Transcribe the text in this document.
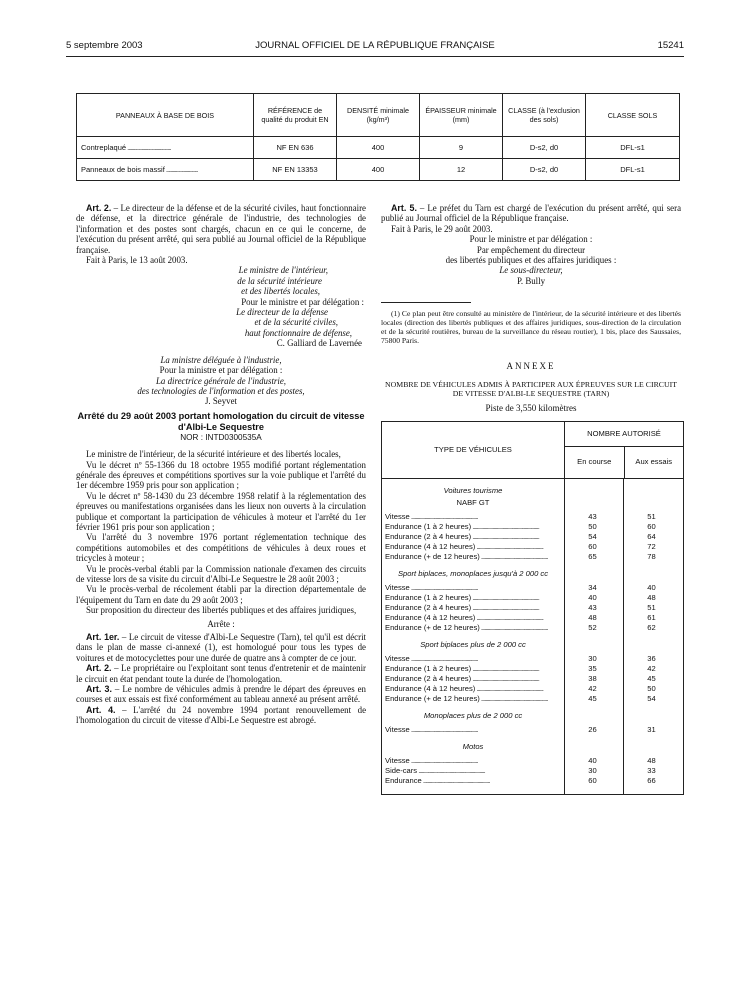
5 septembre 2003	JOURNAL OFFICIEL DE LA RÉPUBLIQUE FRANÇAISE	15241
PANNEAUX À BASE DE BOIS	RÉFÉRENCE de qualité du produit EN	DENSITÉ minimale (kg/m³)	ÉPAISSEUR minimale (mm)	CLASSE (à l'exclusion des sols)	CLASSE SOLS
Contreplaqué ........................................	NF EN 636	400	9	D-s2, d0	DFL-s1
Panneaux de bois massif .............................	NF EN 13353	400	12	D-s2, d0	DFL-s1

Art. 2. – Le directeur de la défense et de la sécurité civiles, haut fonctionnaire de défense, et la directrice générale de l'industrie, des technologies de l'information et des postes sont chargés, chacun en ce qui le concerne, de l'exécution du présent arrêté, qui sera publié au Journal officiel de la République française.

Fait à Paris, le 13 août 2003.

Le ministre de l'intérieur,
de la sécurité intérieure
et des libertés locales,
Pour le ministre et par délégation :
Le directeur de la défense
et de la sécurité civiles,
haut fonctionnaire de défense,
C. Galliard de Lavernée
La ministre déléguée à l'industrie,
Pour la ministre et par délégation :
La directrice générale de l'industrie,
des technologies de l'information et des postes,
J. Seyvet
Arrêté du 29 août 2003 portant homologation du circuit de vitesse d'Albi-Le Sequestre
NOR : INTD0300535A

Le ministre de l'intérieur, de la sécurité intérieure et des libertés locales,

Vu le décret nº 55-1366 du 18 octobre 1955 modifié portant réglementation générale des épreuves et compétitions sportives sur la voie publique et l'arrêté du 1er décembre 1959 pris pour son application ;

Vu le décret nº 58-1430 du 23 décembre 1958 relatif à la réglementation des épreuves ou manifestations organisées dans les lieux non ouverts à la circulation publique et comportant la participation de véhicules à moteur et l'arrêté du 1er février 1961 pris pour son application ;

Vu l'arrêté du 3 novembre 1976 portant réglementation technique des compétitions automobiles et des compétitions de véhicules à deux roues et tricycles à moteur ;

Vu le procès-verbal établi par la Commission nationale d'examen des circuits de vitesse lors de sa visite du circuit d'Albi-Le Sequestre le 28 août 2003 ;

Vu le procès-verbal de récolement établi par la direction départementale de l'équipement du Tarn en date du 29 août 2003 ;

Sur proposition du directeur des libertés publiques et des affaires juridiques,

Arrête :

Art. 1er. – Le circuit de vitesse d'Albi-Le Sequestre (Tarn), tel qu'il est décrit dans le plan de masse ci-annexé (1), est homologué pour tous les types de voitures et de motocyclettes pour une durée de quatre ans à compter de ce jour.

Art. 2. – Le propriétaire ou l'exploitant sont tenus d'entretenir et de maintenir le circuit en état pendant toute la durée de l'homologation.

Art. 3. – Le nombre de véhicules admis à prendre le départ des épreuves en courses et aux essais est fixé conformément au tableau annexé au présent arrêté.

Art. 4. – L'arrêté du 24 novembre 1994 portant renouvellement de l'homologation du circuit de vitesse d'Albi-Le Sequestre est abrogé.

Art. 5. – Le préfet du Tarn est chargé de l'exécution du présent arrêté, qui sera publié au Journal officiel de la République française.

Fait à Paris, le 29 août 2003.

Pour le ministre et par délégation :
Par empêchement du directeur
des libertés publiques et des affaires juridiques :
Le sous-directeur,
P. Bully
(1) Ce plan peut être consulté au ministère de l'intérieur, de la sécurité intérieure et des libertés locales (direction des libertés publiques et des affaires juridiques, sous-direction de la circulation et de la sécurité routières, bureau de la surveillance du réseau routier), 1 bis, place des Saussaies, 75800 Paris.
ANNEXE
NOMBRE DE VÉHICULES ADMIS À PARTICIPER AUX ÉPREUVES SUR LE CIRCUIT DE VITESSE D'ALBI-LE SEQUESTRE (TARN)
Piste de 3,550 kilomètres
TYPE DE VÉHICULES
NOMBRE AUTORISÉ
En course	Aux essais
Voitures tourisme
NABF GT
Vitesse ............................................................	43	51
Endurance (1 à 2 heures) ............................................................	50	60
Endurance (2 à 4 heures) ............................................................	54	64
Endurance (4 à 12 heures) ............................................................	60	72
Endurance (+ de 12 heures) ............................................................	65	78
Sport biplaces, monoplaces jusqu'à 2 000 cc
Vitesse ............................................................	34	40
Endurance (1 à 2 heures) ............................................................	40	48
Endurance (2 à 4 heures) ............................................................	43	51
Endurance (4 à 12 heures) ............................................................	48	61
Endurance (+ de 12 heures) ............................................................	52	62
Sport biplaces plus de 2 000 cc
Vitesse ............................................................	30	36
Endurance (1 à 2 heures) ............................................................	35	42
Endurance (2 à 4 heures) ............................................................	38	45
Endurance (4 à 12 heures) ............................................................	42	50
Endurance (+ de 12 heures) ............................................................	45	54
Monoplaces plus de 2 000 cc
Vitesse ............................................................	26	31
Motos
Vitesse ............................................................	40	48
Side-cars ............................................................	30	33
Endurance ............................................................	60	66
